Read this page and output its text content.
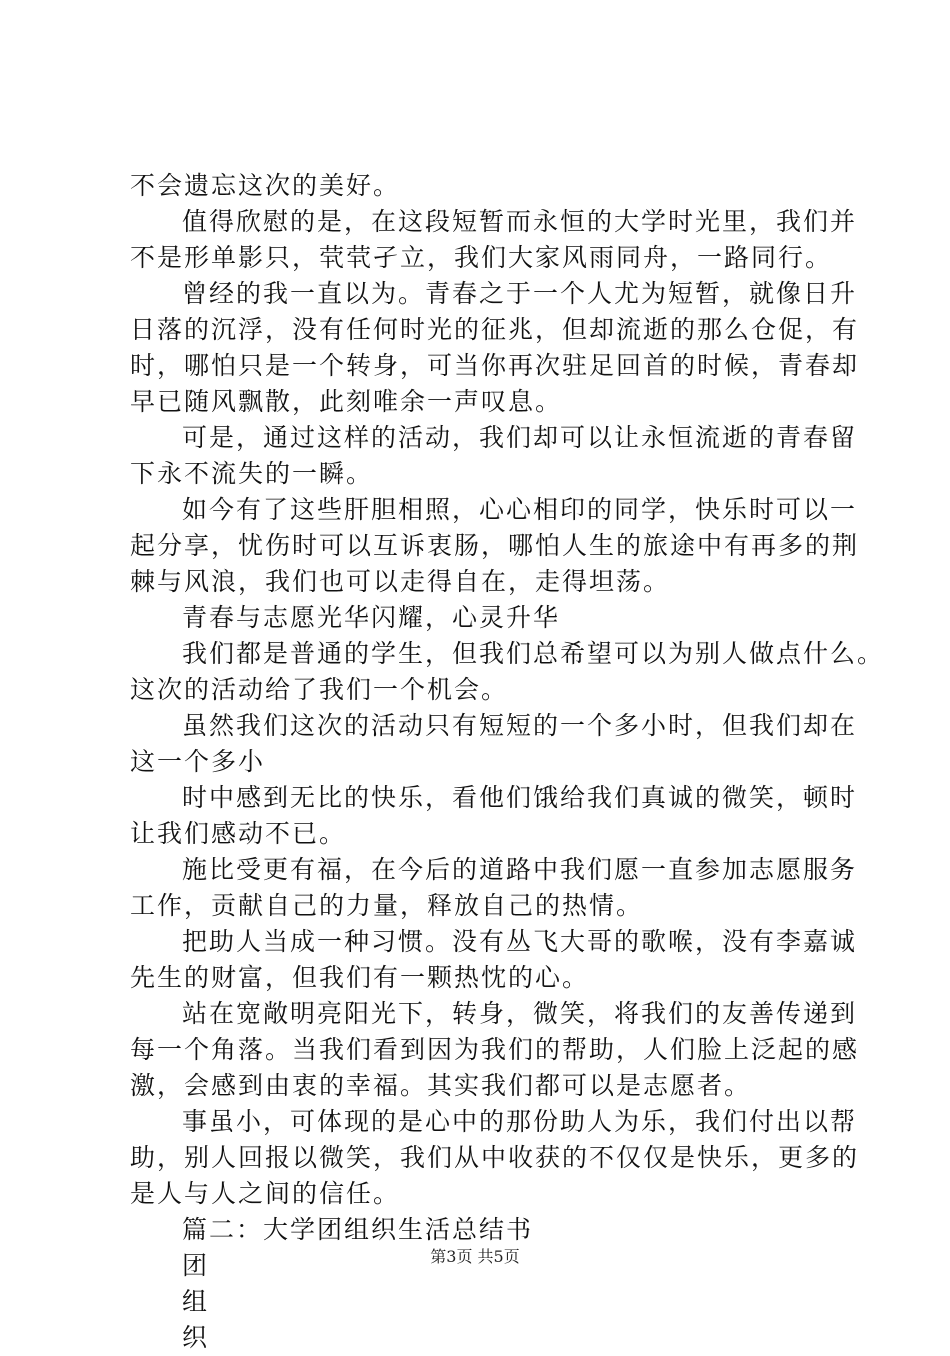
不会遗忘这次的美好。

值得欣慰的是，在这段短暂而永恒的大学时光里，我们并

不是形单影只，茕茕孑立，我们大家风雨同舟，一路同行。

曾经的我一直以为。青春之于一个人尤为短暂，就像日升

日落的沉浮，没有任何时光的征兆，但却流逝的那么仓促，有

时，哪怕只是一个转身，可当你再次驻足回首的时候，青春却

早已随风飘散，此刻唯余一声叹息。

可是，通过这样的活动，我们却可以让永恒流逝的青春留

下永不流失的一瞬。

如今有了这些肝胆相照，心心相印的同学，快乐时可以一

起分享，忧伤时可以互诉衷肠，哪怕人生的旅途中有再多的荆

棘与风浪，我们也可以走得自在，走得坦荡。

青春与志愿光华闪耀，心灵升华

我们都是普通的学生，但我们总希望可以为别人做点什么。

这次的活动给了我们一个机会。

虽然我们这次的活动只有短短的一个多小时，但我们却在

这一个多小

时中感到无比的快乐，看他们饿给我们真诚的微笑，顿时

让我们感动不已。

施比受更有福，在今后的道路中我们愿一直参加志愿服务

工作，贡献自己的力量，释放自己的热情。

把助人当成一种习惯。没有丛飞大哥的歌喉，没有李嘉诚

先生的财富，但我们有一颗热忱的心。

站在宽敞明亮阳光下，转身，微笑，将我们的友善传递到

每一个角落。当我们看到因为我们的帮助，人们脸上泛起的感

激，会感到由衷的幸福。其实我们都可以是志愿者。

事虽小，可体现的是心中的那份助人为乐，我们付出以帮

助，别人回报以微笑，我们从中收获的不仅仅是快乐，更多的

是人与人之间的信任。

篇二：大学团组织生活总结书

团

组

织

第3页 共5页
